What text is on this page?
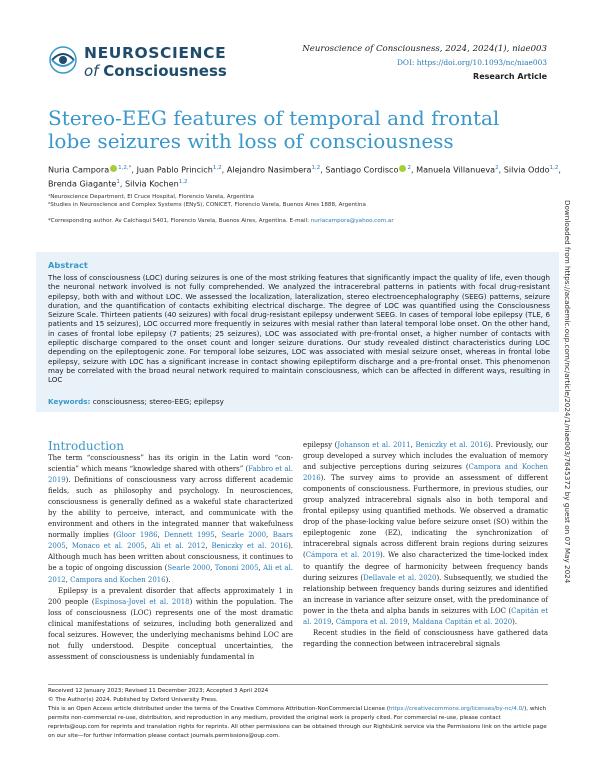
NEUROSCIENCE
of Consciousness
Neuroscience of Consciousness, 2024, 2024(1), niae003
DOI: https://doi.org/10.1093/nc/niae003
Research Article
Stereo-EEG features of temporal and frontal lobe seizures with loss of consciousness
Nuria Campora $^{1,2,*}$, Juan Pablo Princich$^{1,2}$, Alejandro Nasimbera$^{1,2}$, Santiago Cordisco $^2$, Manuela Villanueva$^2$, Silvia Oddo$^{1,2}$, Brenda Giagante$^1$, Silvia Kochen$^{1,2}$
¹Neuroscience Department, El Cruce Hospital, Florencio Varela, Argentina
²Studies in Neuroscience and Complex Systems (ENyS), CONICET, Florencio Varela, Buenos Aires 1888, Argentina
*Corresponding author. Av Calchaquí 5401, Florencio Varela, Buenos Aires, Argentina. E-mail: nuriacampora@yahoo.com.ar
Abstract
The loss of consciousness (LOC) during seizures is one of the most striking features that significantly impact the quality of life, even though the neuronal network involved is not fully comprehended. We analyzed the intracerebral patterns in patients with focal drug-resistant epilepsy, both with and without LOC. We assessed the localization, lateralization, stereo electroencephalography (SEEG) patterns, seizure duration, and the quantification of contacts exhibiting electrical discharge. The degree of LOC was quantified using the Consciousness Seizure Scale. Thirteen patients (40 seizures) with focal drug-resistant epilepsy underwent SEEG. In cases of temporal lobe epilepsy (TLE, 6 patients and 15 seizures), LOC occurred more frequently in seizures with mesial rather than lateral temporal lobe onset. On the other hand, in cases of frontal lobe epilepsy (7 patients; 25 seizures), LOC was associated with pre-frontal onset, a higher number of contacts with epileptic discharge compared to the onset count and longer seizure durations. Our study revealed distinct characteristics during LOC depending on the epileptogenic zone. For temporal lobe seizures, LOC was associated with mesial seizure onset, whereas in frontal lobe epilepsy, seizure with LOC has a significant increase in contact showing epileptiform discharge and a pre-frontal onset. This phenomenon may be correlated with the broad neural network required to maintain consciousness, which can be affected in different ways, resulting in LOC
Keywords: consciousness; stereo-EEG; epilepsy
Introduction

The term “consciousness” has its origin in the Latin word “con-scientia” which means “knowledge shared with others” (Fabbro et al. 2019). Definitions of consciousness vary across different academic fields, such as philosophy and psychology. In neurosciences, consciousness is generally defined as a wakeful state characterized by the ability to perceive, interact, and communicate with the environment and others in the integrated manner that wakefulness normally implies (Gloor 1986, Dennett 1995, Searle 2000, Baars 2005, Monaco et al. 2005, Ali et al. 2012, Beniczky et al. 2016). Although much has been written about consciousness, it continues to be a topic of ongoing discussion (Searle 2000, Tononi 2005, Ali et al. 2012, Campora and Kochen 2016).

Epilepsy is a prevalent disorder that affects approximately 1 in 200 people (Espinosa-Jovel et al. 2018) within the population. The loss of consciousness (LOC) represents one of the most dramatic clinical manifestations of seizures, including both generalized and focal seizures. However, the underlying mechanisms behind LOC are not fully understood. Despite conceptual uncertainties, the assessment of consciousness is undeniably fundamental in

epilepsy (Johanson et al. 2011, Beniczky et al. 2016). Previously, our group developed a survey which includes the evaluation of memory and subjective perceptions during seizures (Campora and Kochen 2016). The survey aims to provide an assessment of different components of consciousness. Furthermore, in previous studies, our group analyzed intracerebral signals also in both temporal and frontal epilepsy using quantified methods. We observed a dramatic drop of the phase-locking value before seizure onset (SO) within the epileptogenic zone (EZ), indicating the synchronization of intracerebral signals across different brain regions during seizures (Cámpora et al. 2019). We also characterized the time-locked index to quantify the degree of harmonicity between frequency bands during seizures (Dellavale et al. 2020). Subsequently, we studied the relationship between frequency bands during seizures and identified an increase in variance after seizure onset, with the predominance of power in the theta and alpha bands in seizures with LOC (Capitán et al. 2019, Cámpora et al. 2019, Maldana Capitán et al. 2020).

Recent studies in the field of consciousness have gathered data regarding the connection between intracerebral signals

Received 12 January 2023; Revised 11 December 2023; Accepted 3 April 2024
© The Author(s) 2024. Published by Oxford University Press.
This is an Open Access article distributed under the terms of the Creative Commons Attribution-NonCommercial License (https://creativecommons.org/licenses/by-nc/4.0/), which permits non-commercial re-use, distribution, and reproduction in any medium, provided the original work is properly cited. For commercial re-use, please contact reprints@oup.com for reprints and translation rights for reprints. All other permissions can be obtained through our RightsLink service via the Permissions link on the article page on our site—for further information please contact journals.permissions@oup.com.
Downloaded from https://academic.oup.com/nc/article/2024/1/niae003/7645372 by guest on 07 May 2024
